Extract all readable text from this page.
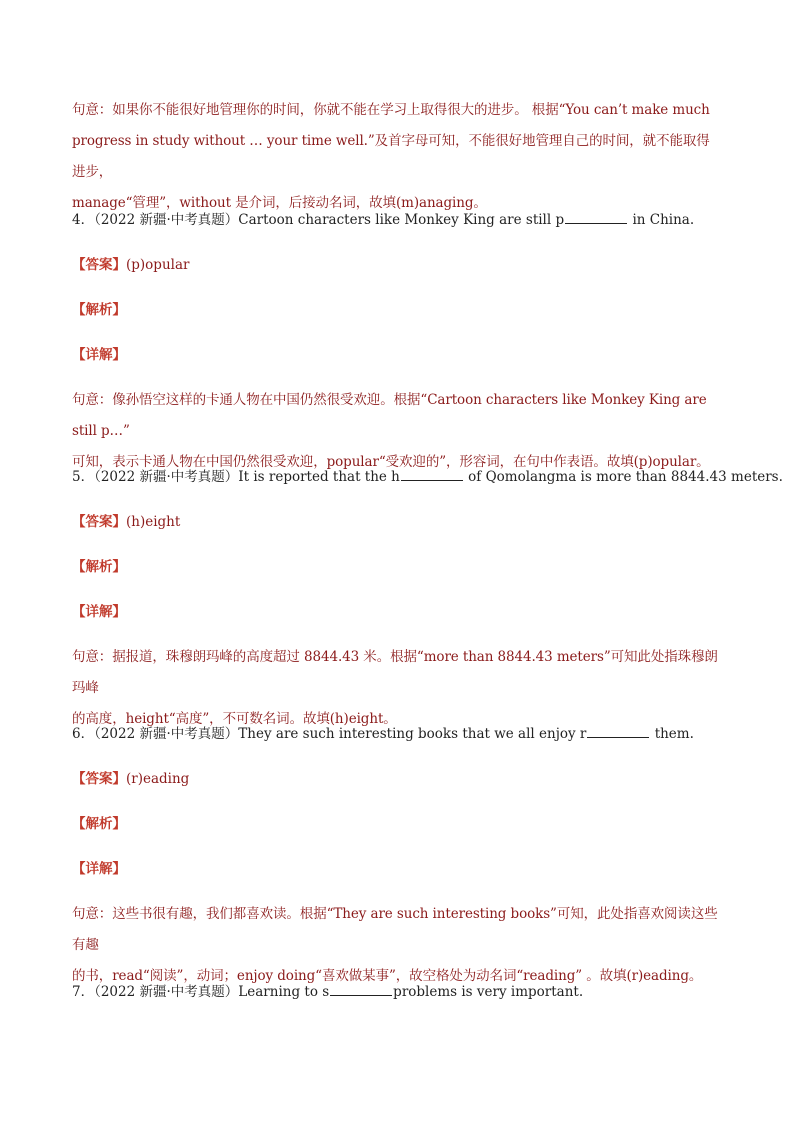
句意：如果你不能很好地管理你的时间，你就不能在学习上取得很大的进步。 根据“You can’t make much
progress in study without … your time well.”及首字母可知，不能很好地管理自己的时间，就不能取得进步，
manage“管理”，without 是介词，后接动名词，故填(m)anaging。
4．（2022 新疆·中考真题）Cartoon characters like Monkey King are still p	in China.
【答案】(p)opular
【解析】
【详解】
句意：像孙悟空这样的卡通人物在中国仍然很受欢迎。根据“Cartoon characters like Monkey King are still p…”
可知，表示卡通人物在中国仍然很受欢迎，popular“受欢迎的”，形容词，在句中作表语。故填(p)opular。
5．（2022 新疆·中考真题）It is reported that the h	of Qomolangma is more than 8844.43 meters.
【答案】(h)eight
【解析】
【详解】
句意：据报道，珠穆朗玛峰的高度超过 8844.43 米。根据“more than 8844.43 meters”可知此处指珠穆朗玛峰
的高度，height“高度”，不可数名词。故填(h)eight。
6．（2022 新疆·中考真题）They are such interesting books that we all enjoy r	them.
【答案】(r)eading
【解析】
【详解】
句意：这些书很有趣，我们都喜欢读。根据“They are such interesting books”可知，此处指喜欢阅读这些有趣
的书，read“阅读”，动词；enjoy doing“喜欢做某事”，故空格处为动名词“reading” 。故填(r)eading。
7．（2022 新疆·中考真题）Learning to s	problems is very important.
